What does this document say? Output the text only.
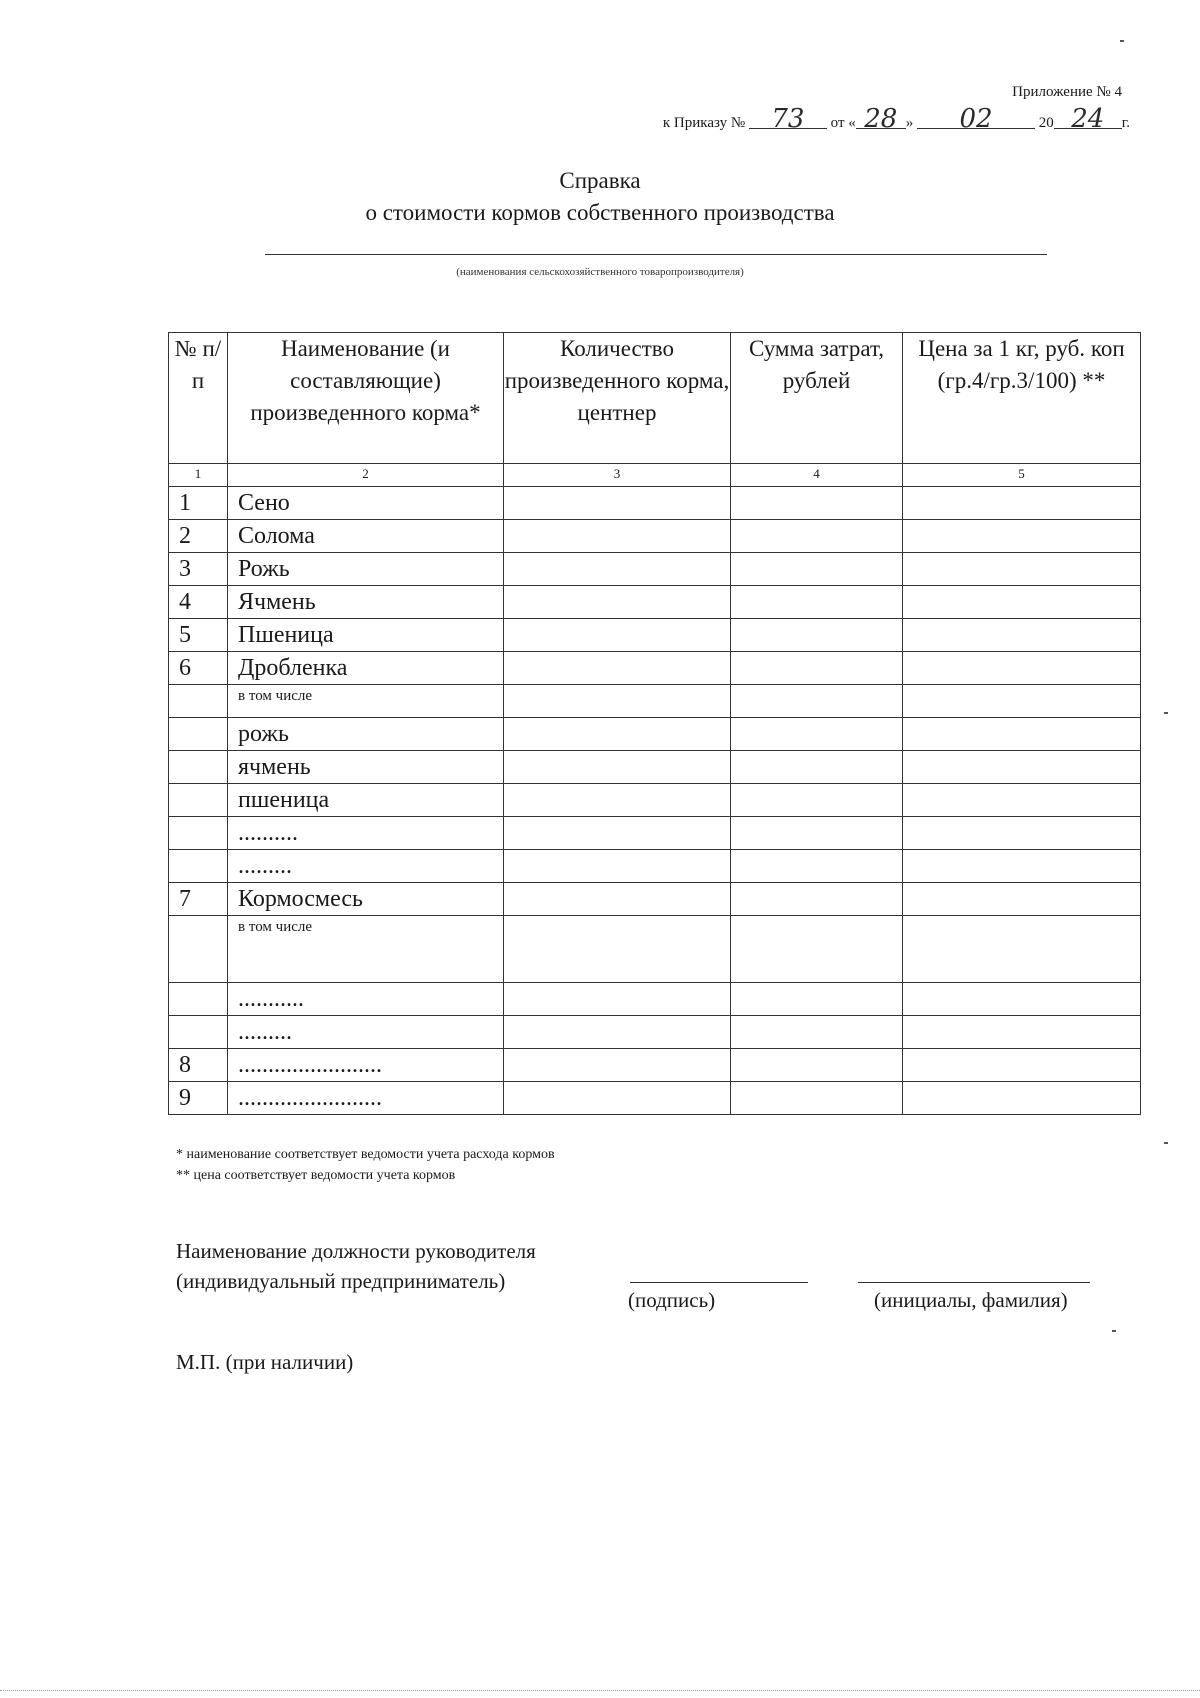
Приложение № 4
к Приказу № 73 от « 28 » 02	20 24 г.
Справка
о стоимости кормов собственного производства
(наименования сельскохозяйственного товаропроизводителя)
№ п/п	Наименование (и составляющие) произведенного корма*	Количество произведенного корма, центнер	Сумма затрат, рублей	Цена за 1 кг, руб. коп (гр.4/гр.3/100) **
1	2	3	4	5
1	Сено			
2	Солома			
3	Рожь			
4	Ячмень			
5	Пшеница			
6	Дробленка			
	в том числе			
	рожь			
	ячмень			
	пшеница			
	..........			
	.........			
7	Кормосмесь			
	в том числе			
	...........			
	.........			
8	........................			
9	........................			
* наименование соответствует ведомости учета расхода кормов
** цена соответствует ведомости учета кормов
Наименование должности руководителя
(индивидуальный предприниматель)
(подпись)	(инициалы, фамилия)
М.П. (при наличии)
